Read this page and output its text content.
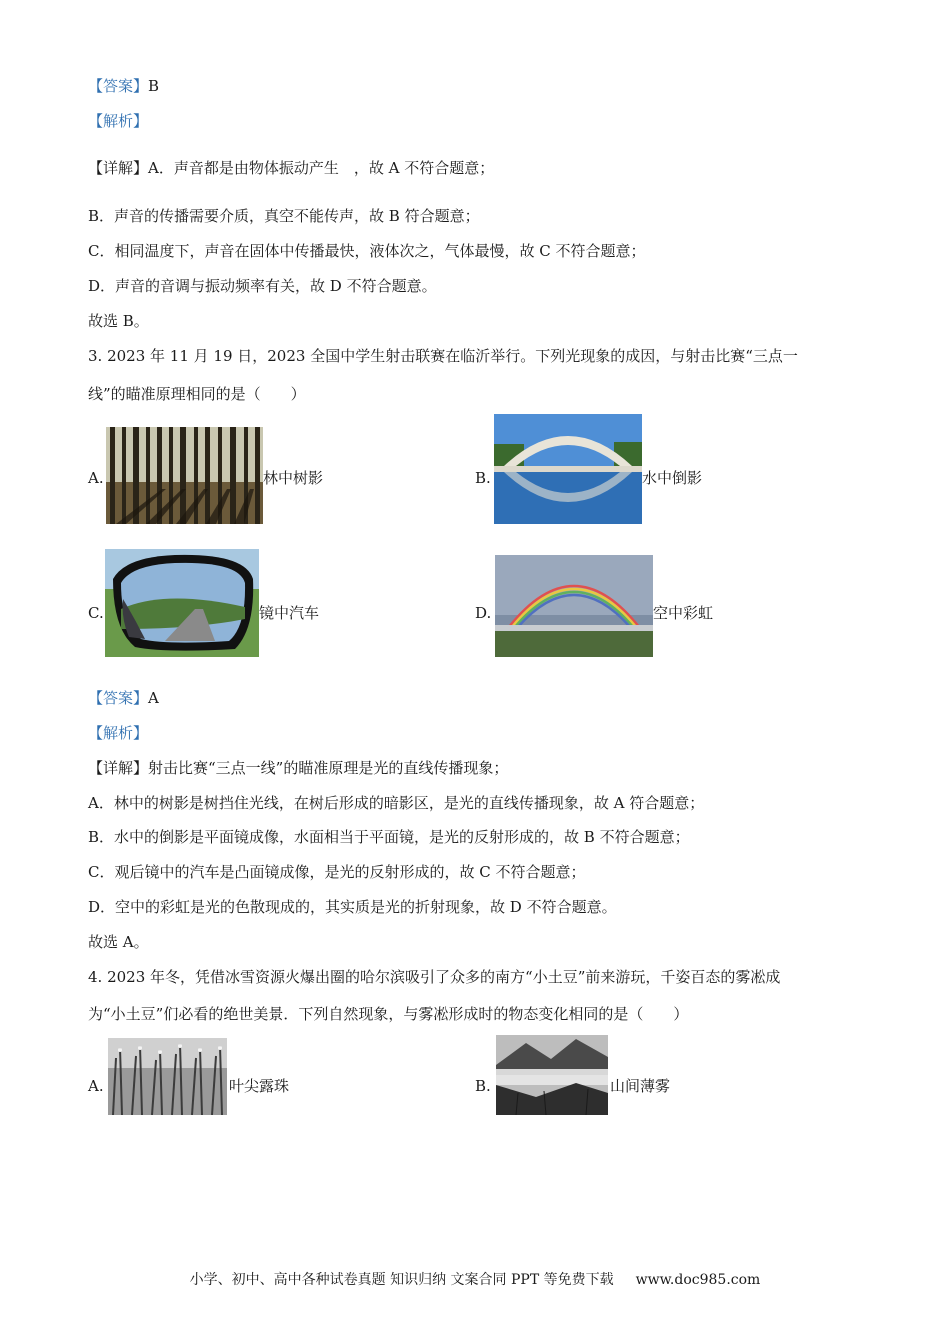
【答案】B
【解析】
【详解】A．声音都是由物体振动产生　，故 A 不符合题意；
B．声音的传播需要介质，真空不能传声，故 B 符合题意；
C．相同温度下，声音在固体中传播最快，液体次之，气体最慢，故 C 不符合题意；
D．声音的音调与振动频率有关，故 D 不符合题意。
故选 B。
3. 2023 年 11 月 19 日，2023 全国中学生射击联赛在临沂举行。下列光现象的成因，与射击比赛“三点一
线”的瞄准原理相同的是（　　）
A.	林中树影	B.	水中倒影
C.	镜中汽车	D.	空中彩虹
【答案】A
【解析】
【详解】射击比赛“三点一线”的瞄准原理是光的直线传播现象；
A．林中的树影是树挡住光线，在树后形成的暗影区，是光的直线传播现象，故 A 符合题意；
B．水中的倒影是平面镜成像，水面相当于平面镜，是光的反射形成的，故 B 不符合题意；
C．观后镜中的汽车是凸面镜成像，是光的反射形成的，故 C 不符合题意；
D．空中的彩虹是光的色散现成的，其实质是光的折射现象，故 D 不符合题意。
故选 A。
4. 2023 年冬，凭借冰雪资源火爆出圈的哈尔滨吸引了众多的南方“小土豆”前来游玩，千姿百态的雾凇成
为“小土豆”们必看的绝世美景．下列自然现象，与雾凇形成时的物态变化相同的是（　　）
A.	叶尖露珠	B.	山间薄雾
小学、初中、高中各种试卷真题 知识归纳 文案合同 PPT 等免费下载 www.doc985.com
